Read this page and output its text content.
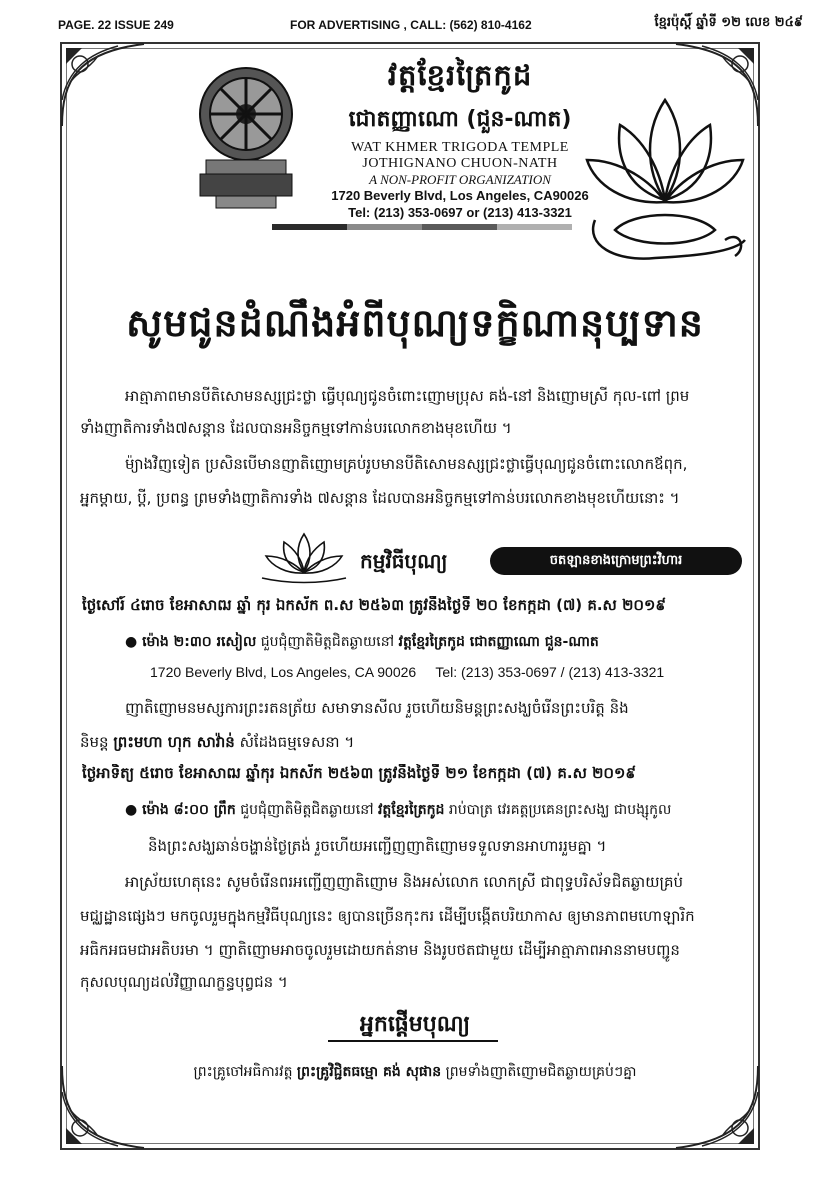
PAGE. 22 ISSUE 249	FOR ADVERTISING , CALL: (562) 810-4162	ខ្មែរប៉ុស្ដិ៍ ឆ្នាំទី ១២ លេខ ២៤៩
វត្តខ្មែរត្រៃកូដ
ជោតញ្ញាណោ (ជួន-ណាត)
WAT KHMER TRIGODA TEMPLE
JOTHIGNANO CHUON-NATH
A NON-PROFIT ORGANIZATION
1720 Beverly Blvd, Los Angeles, CA90026
Tel: (213) 353-0697 or (213) 413-3321
សូមជូនដំណឹងអំពីបុណ្យទក្ខិណានុប្បទាន
អាត្មាភាពមានបីតិសោមនស្សជ្រះថ្លា ធ្វើបុណ្យជូនចំពោះញោមប្រុស គង់-នៅ និងញោមស្រី កុល-ពៅ ព្រម
ទាំងញាតិការទាំង៧សន្តាន ដែលបានអនិច្ចកម្មទៅកាន់បរលោកខាងមុខហើយ ។
ម៉្យាងវិញទៀត ប្រសិនបើមានញាតិញោមគ្រប់រូបមានបីតិសោមនស្សជ្រះថ្លាធ្វើបុណ្យជូនចំពោះលោកឪពុក,
អ្នកម្ដាយ, ប្ដី, ប្រពន្ធ ព្រមទាំងញាតិការទាំង ៧សន្តាន ដែលបានអនិច្ចកម្មទៅកាន់បរលោកខាងមុខហើយនោះ ។
កម្មវិធីបុណ្យ	ចតឡានខាងក្រោមព្រះវិហារ
ថ្ងៃសៅរ៍ ៤រោច ខែអាសាឍ ឆ្នាំ កុរ ឯកស័ក ព.ស ២៥៦៣ ត្រូវនឹងថ្ងៃទី ២០ ខែកក្កដា (៧) គ.ស ២០១៩
● ម៉ោង ២:៣០ រសៀល ជួបជុំញាតិមិត្តជិតឆ្ងាយនៅ វត្តខ្មែរត្រៃកូដ ជោតញ្ញាណោ ជួន-ណាត
1720 Beverly Blvd, Los Angeles, CA 90026     Tel: (213) 353-0697 / (213) 413-3321
ញាតិញោមនមស្សការព្រះរតនត្រ័យ សមាទានសីល រួចហើយនិមន្តព្រះសង្ឃចំរើនព្រះបរិត្ត និង
និមន្ត ព្រះមហា ហុក សាវ៉ាន់ សំដែងធម្មទេសនា ។
ថ្ងៃអាទិត្យ ៥រោច ខែអាសាឍ ឆ្នាំកុរ ឯកស័ក ២៥៦៣ ត្រូវនឹងថ្ងៃទី ២១ ខែកក្កដា (៧) គ.ស ២០១៩
● ម៉ោង ៨:០០ ព្រឹក ជួបជុំញាតិមិត្តជិតឆ្ងាយនៅ វត្តខ្មែរត្រៃកូដ រាប់បាត្រ វេរគត្តប្រគេនព្រះសង្ឃ ជាបង្សុកូល
និងព្រះសង្ឃឆាន់ចង្ហាន់ថ្ងៃត្រង់ រួចហើយអញ្ជើញញាតិញោមទទួលទានអាហាររួមគ្នា ។
អាស្រ័យហេតុនេះ សូមចំរើនពរអញ្ជើញញាតិញោម និងអស់លោក លោកស្រី ជាពុទ្ធបរិស័ទជិតឆ្ងាយគ្រប់
មជ្ឈដ្ឋានផ្សេងៗ មកចូលរួមក្នុងកម្មវិធីបុណ្យនេះ ឲ្យបានច្រើនកុះករ ដើម្បីបង្កើតបរិយាកាស ឲ្យមានភាពមហោឡារិក
អធិកអធមជាអតិបរមា ។ ញាតិញោមអាចចូលរួមដោយកត់នាម និងរូបថតជាមួយ ដើម្បីអាត្មាភាពអាននាមបញ្ជូន
កុសលបុណ្យដល់វិញ្ញាណក្ខន្ធបុព្វជន ។
អ្នកផ្ដើមបុណ្យ
ព្រះគ្រូចៅអធិការវត្ត ព្រះគ្រូវិជ្ជិតធម្មោ គង់ សុផាន ព្រមទាំងញាតិញោមជិតឆ្ងាយគ្រប់ៗគ្នា
